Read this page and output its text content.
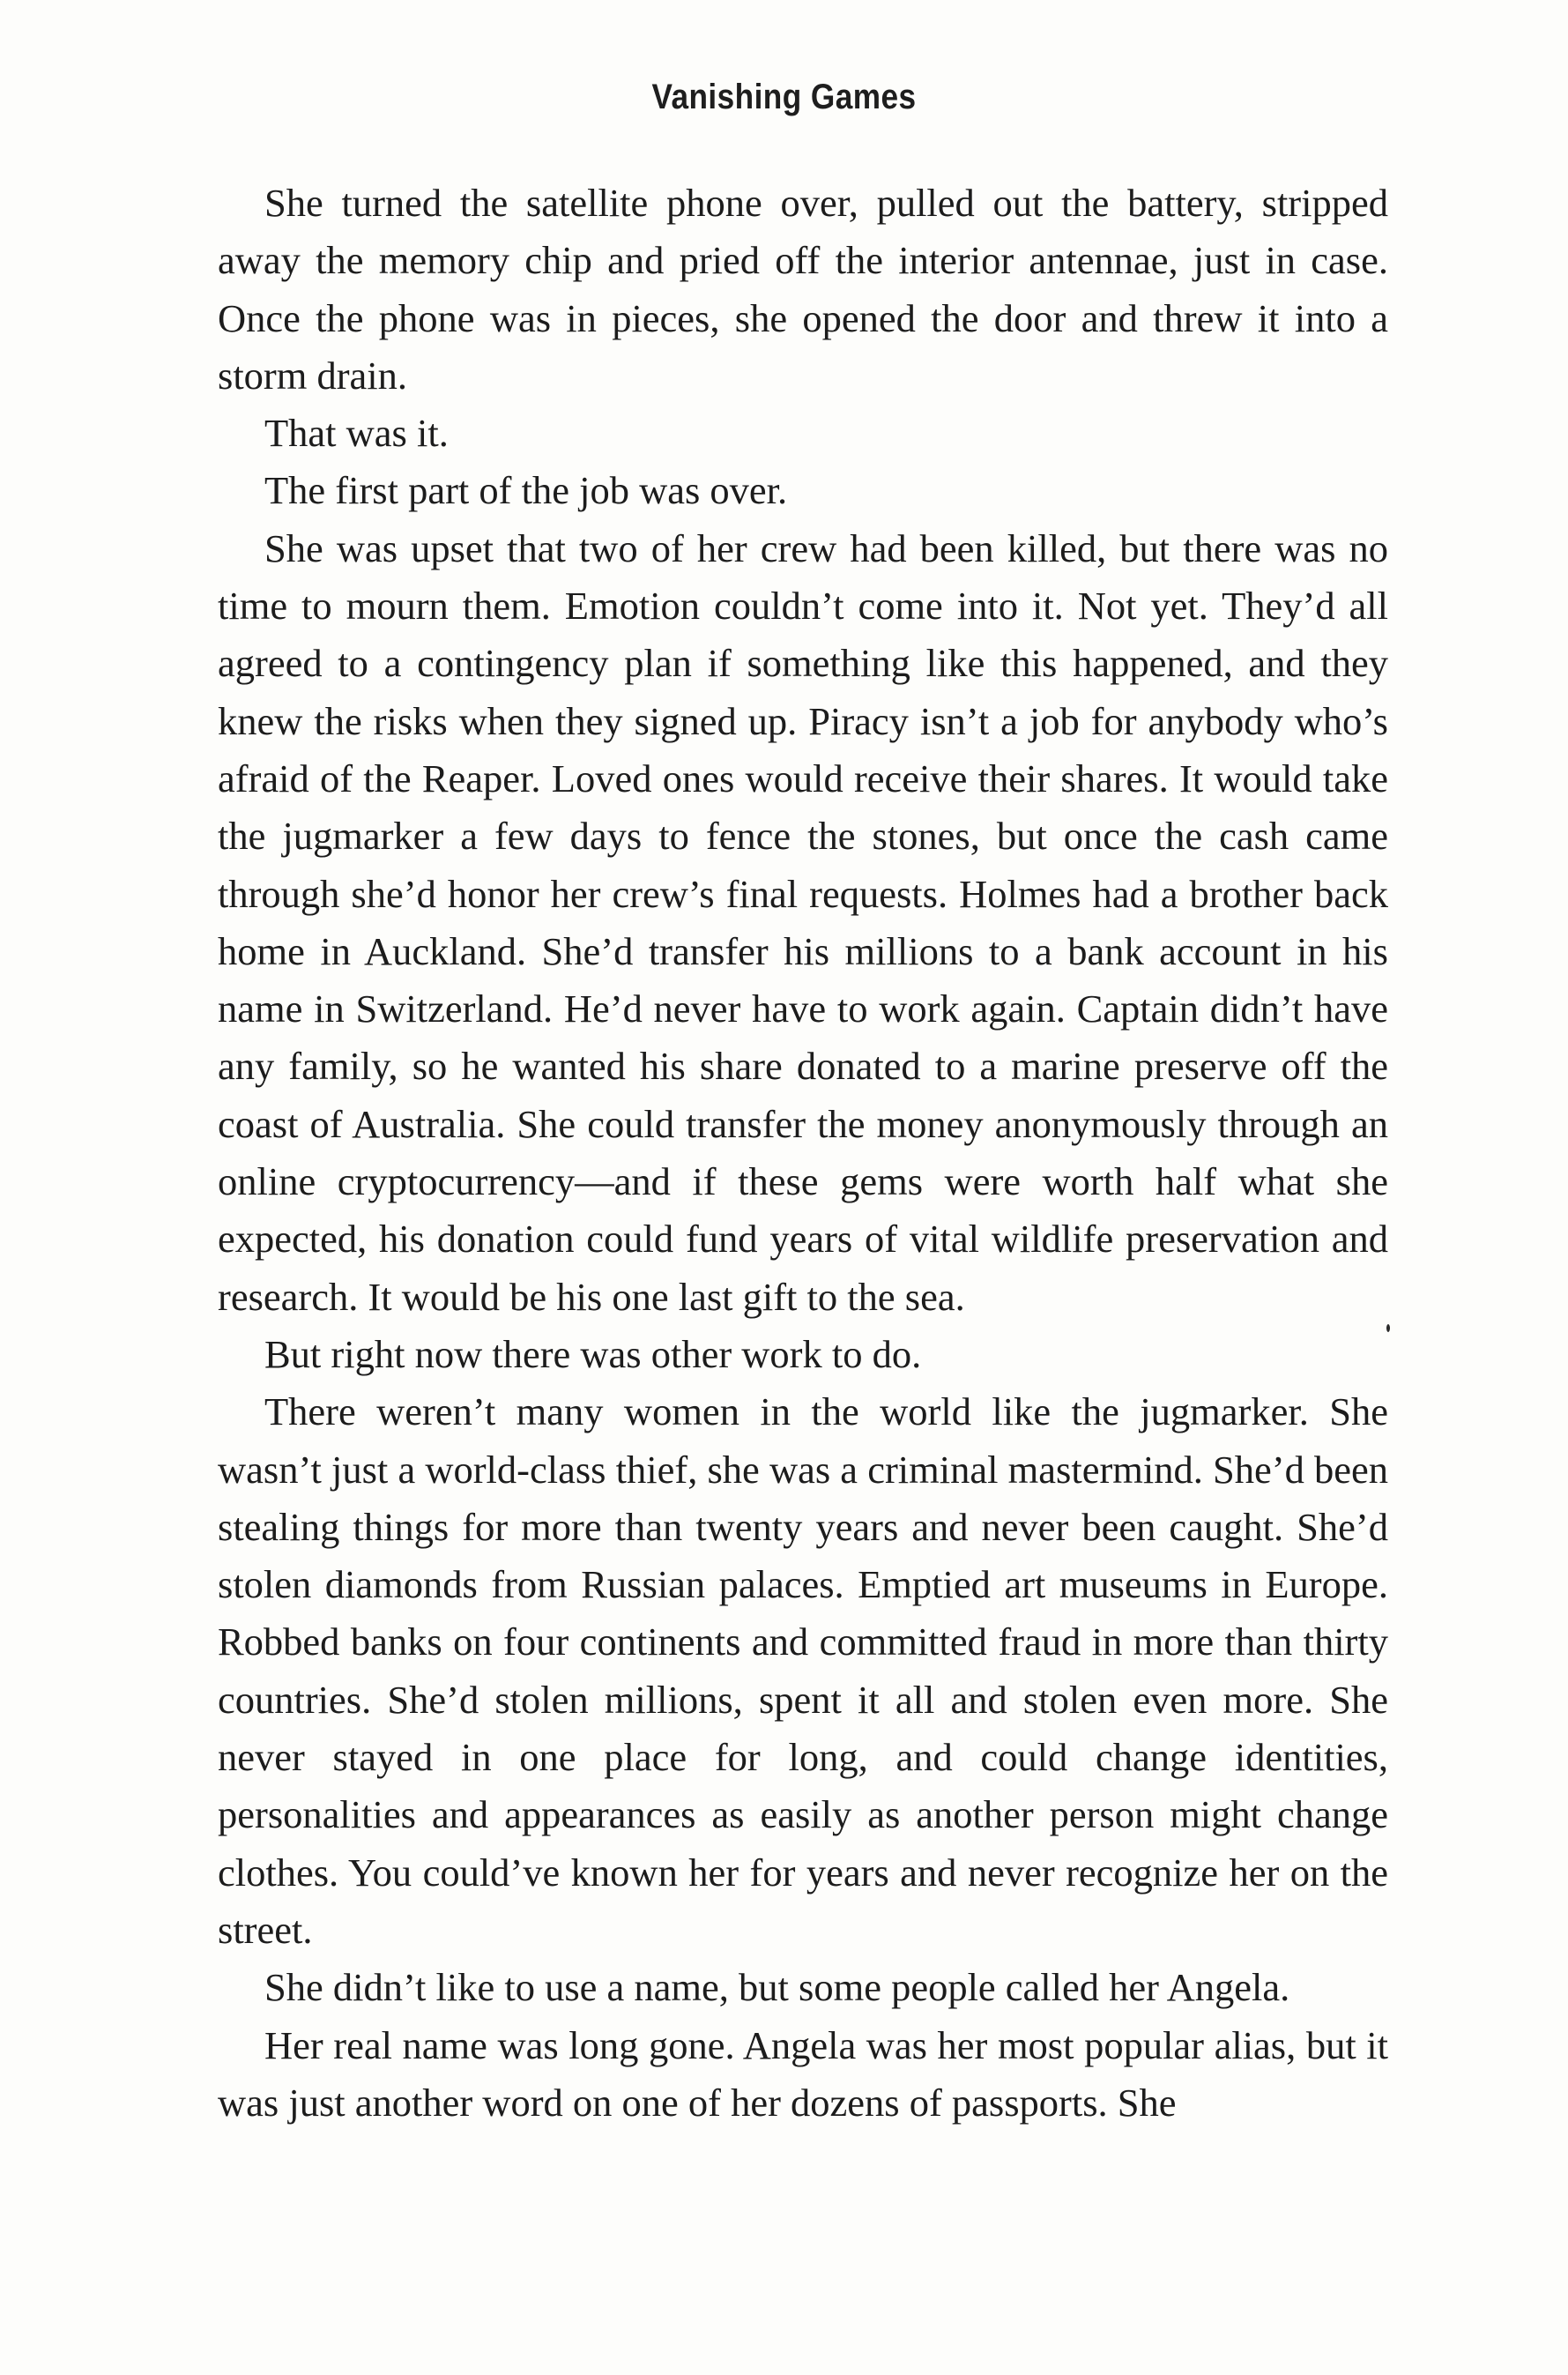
Vanishing Games

She turned the satellite phone over, pulled out the battery, stripped away the memory chip and pried off the interior antennae, just in case. Once the phone was in pieces, she opened the door and threw it into a storm drain.

That was it.

The first part of the job was over.

She was upset that two of her crew had been killed, but there was no time to mourn them. Emotion couldn’t come into it. Not yet. They’d all agreed to a contingency plan if something like this happened, and they knew the risks when they signed up. Piracy isn’t a job for anybody who’s afraid of the Reaper. Loved ones would receive their shares. It would take the jugmarker a few days to fence the stones, but once the cash came through she’d honor her crew’s final requests. Holmes had a brother back home in Auckland. She’d transfer his millions to a bank account in his name in Switzerland. He’d never have to work again. Captain didn’t have any family, so he wanted his share donated to a marine preserve off the coast of Australia. She could transfer the money anonymously through an online cryptocurrency—and if these gems were worth half what she expected, his donation could fund years of vital wildlife preservation and research. It would be his one last gift to the sea.

But right now there was other work to do.

There weren’t many women in the world like the jugmarker. She wasn’t just a world-class thief, she was a criminal mastermind. She’d been stealing things for more than twenty years and never been caught. She’d stolen diamonds from Russian palaces. Emptied art museums in Europe. Robbed banks on four continents and committed fraud in more than thirty countries. She’d stolen millions, spent it all and stolen even more. She never stayed in one place for long, and could change identities, personalities and appearances as easily as another person might change clothes. You could’ve known her for years and never recognize her on the street.

She didn’t like to use a name, but some people called her Angela.

Her real name was long gone. Angela was her most popular alias, but it was just another word on one of her dozens of passports. She
